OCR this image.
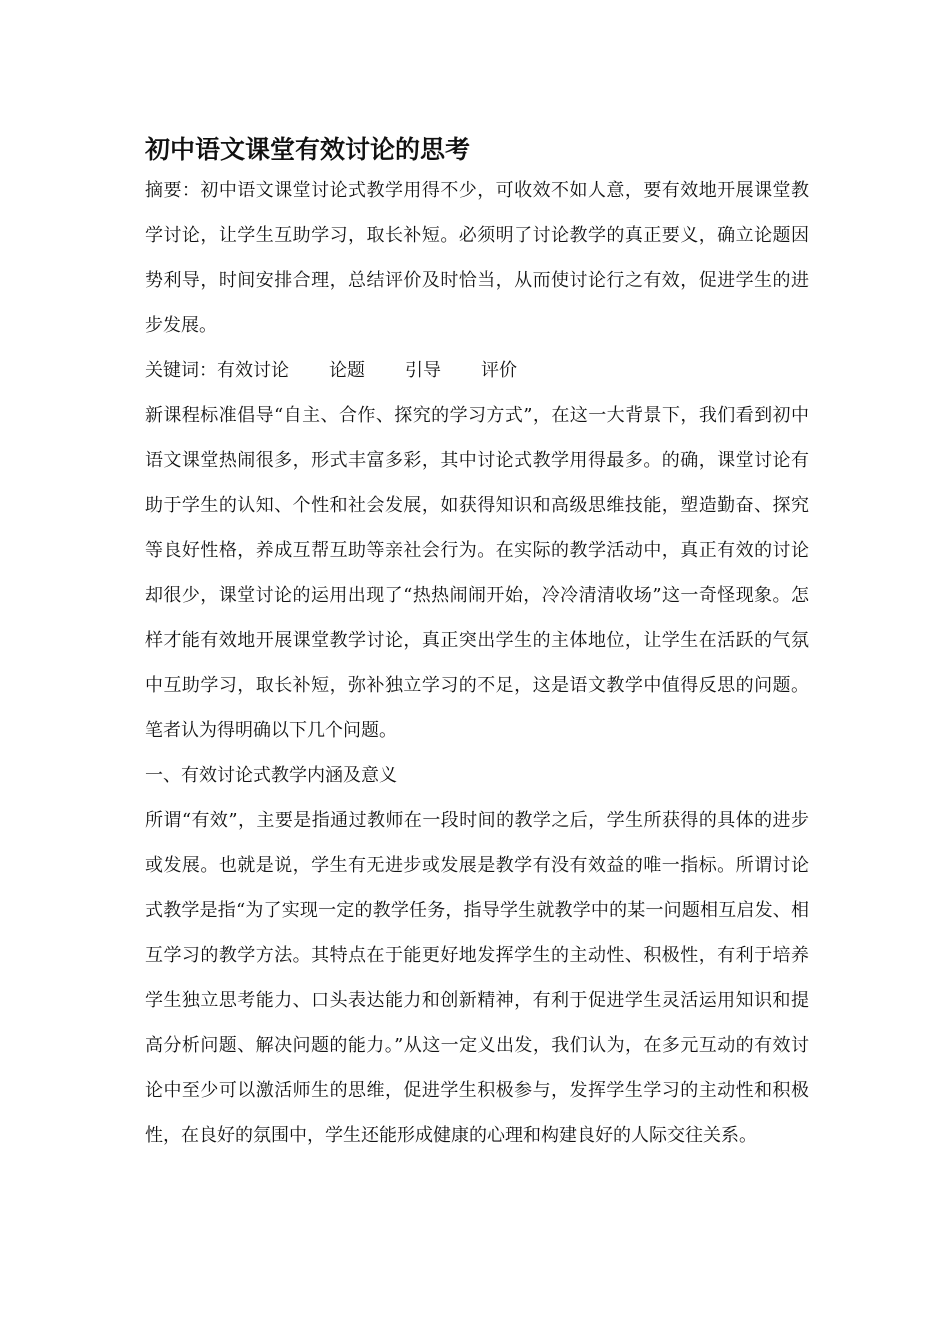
初中语文课堂有效讨论的思考

摘要：初中语文课堂讨论式教学用得不少，可收效不如人意，要有效地开展课堂教学讨论，让学生互助学习，取长补短。必须明了讨论教学的真正要义，确立论题因势利导，时间安排合理，总结评价及时恰当，从而使讨论行之有效，促进学生的进步发展。

关键词： 有效讨论 论题 引导 评价

新课程标准倡导“自主、合作、探究的学习方式”，在这一大背景下，我们看到初中语文课堂热闹很多，形式丰富多彩，其中讨论式教学用得最多。的确，课堂讨论有助于学生的认知、个性和社会发展，如获得知识和高级思维技能，塑造勤奋、探究等良好性格，养成互帮互助等亲社会行为。在实际的教学活动中，真正有效的讨论却很少，课堂讨论的运用出现了“热热闹闹开始，冷冷清清收场”这一奇怪现象。怎样才能有效地开展课堂教学讨论，真正突出学生的主体地位，让学生在活跃的气氛中互助学习，取长补短，弥补独立学习的不足，这是语文教学中值得反思的问题。笔者认为得明确以下几个问题。

一、有效讨论式教学内涵及意义

所谓“有效”，主要是指通过教师在一段时间的教学之后，学生所获得的具体的进步或发展。也就是说，学生有无进步或发展是教学有没有效益的唯一指标。所谓讨论式教学是指“为了实现一定的教学任务，指导学生就教学中的某一问题相互启发、相互学习的教学方法。其特点在于能更好地发挥学生的主动性、积极性，有利于培养学生独立思考能力、口头表达能力和创新精神，有利于促进学生灵活运用知识和提高分析问题、解决问题的能力。”从这一定义出发，我们认为，在多元互动的有效讨论中至少可以激活师生的思维，促进学生积极参与，发挥学生学习的主动性和积极性，在良好的氛围中，学生还能形成健康的心理和构建良好的人际交往关系。
